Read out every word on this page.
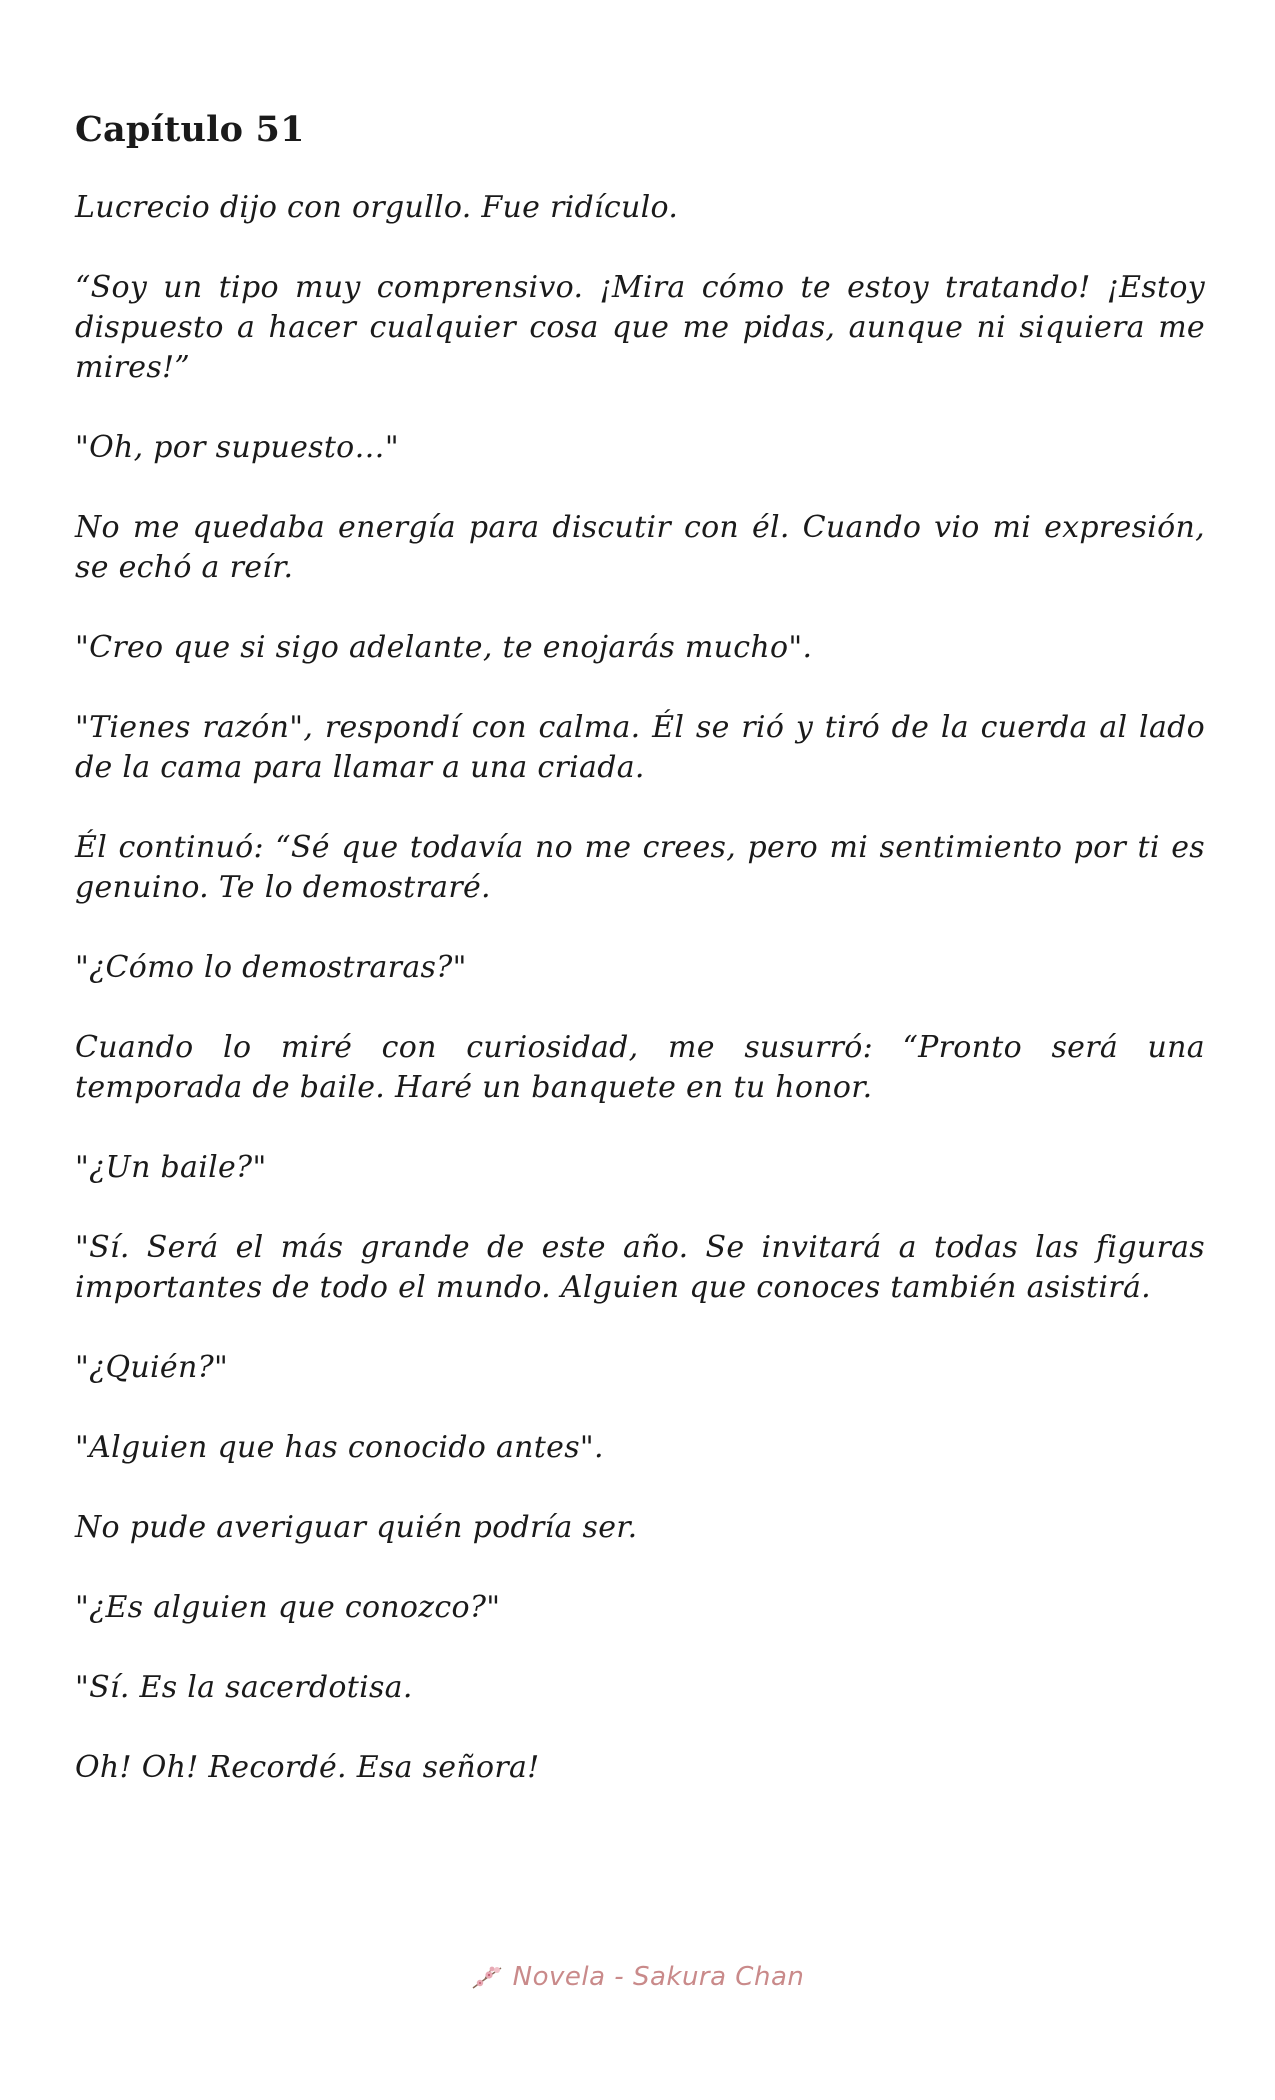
Capítulo 51

Lucrecio dijo con orgullo. Fue ridículo.

“Soy un tipo muy comprensivo. ¡Mira cómo te estoy tratando! ¡Estoy dispuesto a hacer cualquier cosa que me pidas, aunque ni siquiera me mires!”

"Oh, por supuesto…"

No me quedaba energía para discutir con él. Cuando vio mi expresión, se echó a reír.

"Creo que si sigo adelante, te enojarás mucho".

"Tienes razón", respondí con calma. Él se rió y tiró de la cuerda al lado de la cama para llamar a una criada.

Él continuó: “Sé que todavía no me crees, pero mi sentimiento por ti es genuino. Te lo demostraré.

"¿Cómo lo demostraras?"

Cuando lo miré con curiosidad, me susurró: “Pronto será una temporada de baile. Haré un banquete en tu honor.

"¿Un baile?"

"Sí. Será el más grande de este año. Se invitará a todas las figuras importantes de todo el mundo. Alguien que conoces también asistirá.

"¿Quién?"

"Alguien que has conocido antes".

No pude averiguar quién podría ser.

"¿Es alguien que conozco?"

"Sí. Es la sacerdotisa.

Oh! Oh! Recordé. Esa señora!

Novela - Sakura Chan
